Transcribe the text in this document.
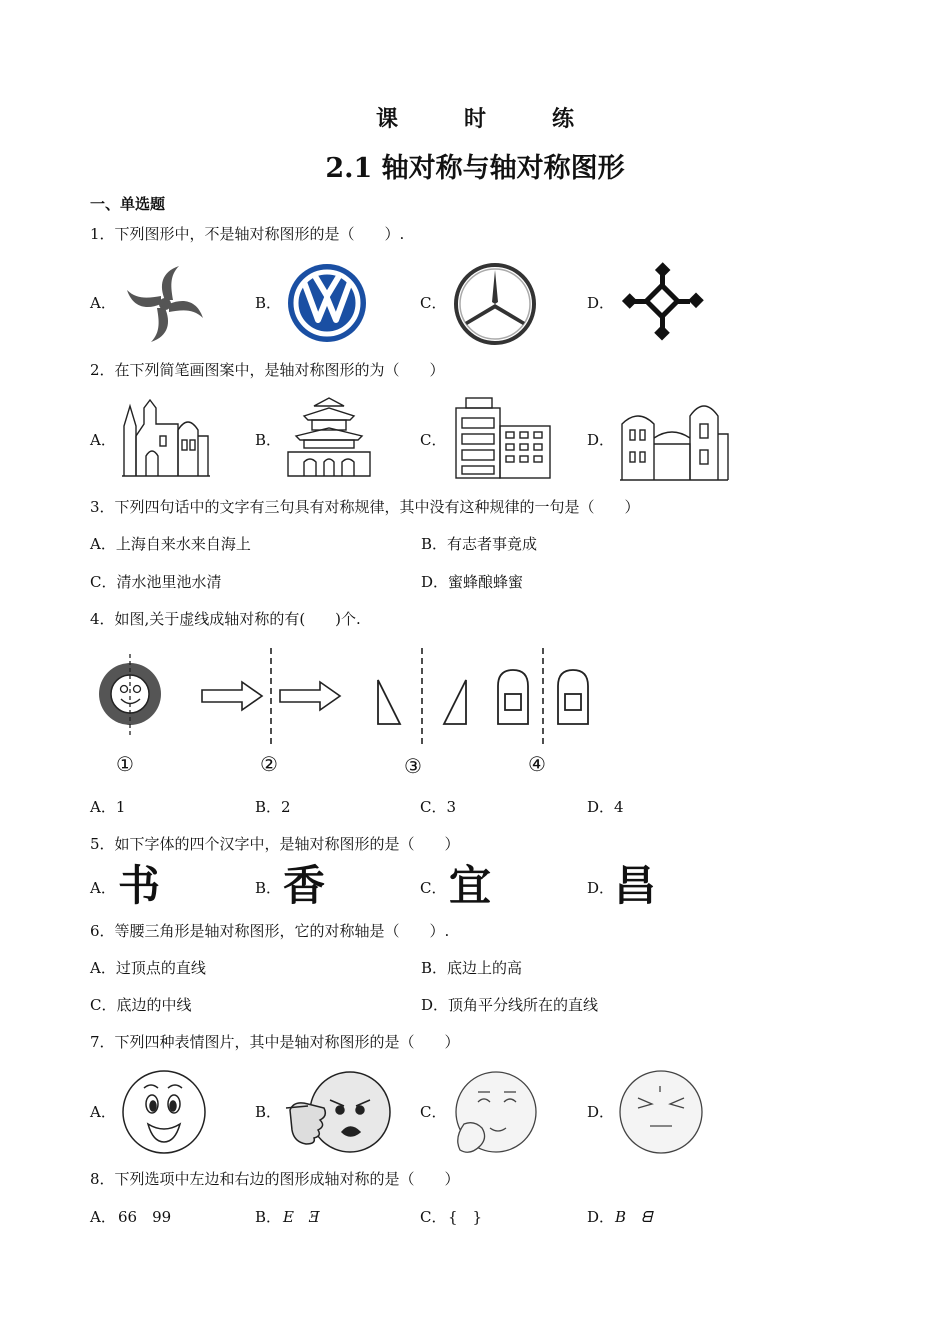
课　时　练
2.1 轴对称与轴对称图形
一、单选题
1．下列图形中，不是轴对称图形的是（　　）.
A．	B．	C．	D．
2．在下列简笔画图案中，是轴对称图形的为（　　）
A．	B．	C．	D．
3．下列四句话中的文字有三句具有对称规律，其中没有这种规律的一句是（　　）
A．上海自来水来自海上	B．有志者事竟成
C．清水池里池水清	D．蜜蜂酿蜂蜜
4．如图,关于虚线成轴对称的有(　　)个.
①	②	③	④
A．1	B．2	C．3	D．4
5．如下字体的四个汉字中，是轴对称图形的是（　　）
A． 书	B． 香	C． 宜	D． 昌
6．等腰三角形是轴对称图形，它的对称轴是（　　）.
A．过顶点的直线	B．底边上的高
C．底边的中线	D．顶角平分线所在的直线
7．下列四种表情图片，其中是轴对称图形的是（　　）
A．	B．	C．	D．
8．下列选项中左边和右边的图形成轴对称的是（　　）
A． 66　99	B． E　Ǝ	C． {　}	D． B　ᗺ
